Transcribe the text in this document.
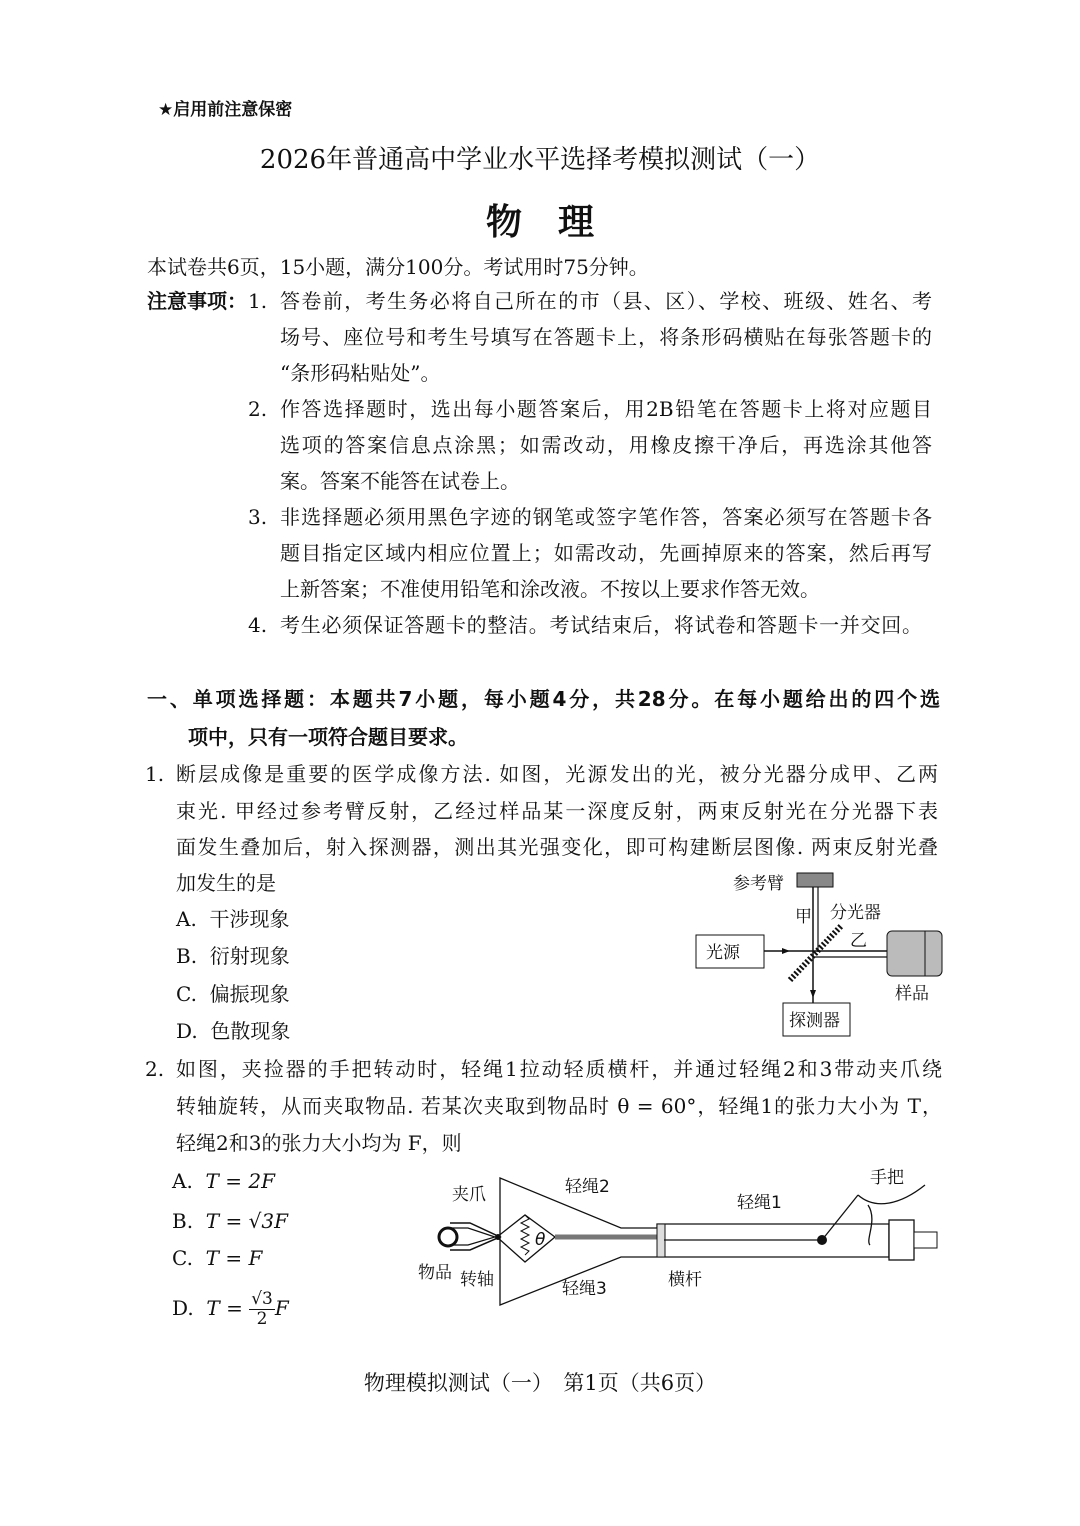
★启用前注意保密
2026年普通高中学业水平选择考模拟测试（一）
物　理
本试卷共6页，15小题，满分100分。考试用时75分钟。
注意事项： 1. 答卷前，考生务必将自己所在的市（县、区）、学校、班级、姓名、考
场号、座位号和考生号填写在答题卡上，将条形码横贴在每张答题卡的
“条形码粘贴处”。
2. 作答选择题时，选出每小题答案后，用2B铅笔在答题卡上将对应题目
选项的答案信息点涂黑；如需改动，用橡皮擦干净后，再选涂其他答
案。答案不能答在试卷上。
3. 非选择题必须用黑色字迹的钢笔或签字笔作答，答案必须写在答题卡各
题目指定区域内相应位置上；如需改动，先画掉原来的答案，然后再写
上新答案；不准使用铅笔和涂改液。不按以上要求作答无效。
4. 考生必须保证答题卡的整洁。考试结束后，将试卷和答题卡一并交回。
一、单项选择题：本题共7小题，每小题4分，共28分。在每小题给出的四个选
项中，只有一项符合题目要求。
1. 断层成像是重要的医学成像方法. 如图，光源发出的光，被分光器分成甲、乙两
束光. 甲经过参考臂反射，乙经过样品某一深度反射，两束反射光在分光器下表
面发生叠加后，射入探测器，测出其光强变化，即可构建断层图像. 两束反射光叠
加发生的是
A. 干涉现象
B. 衍射现象
C. 偏振现象
D. 色散现象
参考臂
甲 分光器
光源
乙
样品
探测器
2. 如图，夹捡器的手把转动时，轻绳1拉动轻质横杆，并通过轻绳2和3带动夹爪绕
转轴旋转，从而夹取物品. 若某次夹取到物品时 θ = 60°，轻绳1的张力大小为 T，
轻绳2和3的张力大小均为 F，则
A. T = 2F
B. T = √3F
C. T = F
D. $T = \frac{√3}{2}$ F
夹爪	轻绳2
轻绳1
手把
物品 转轴	轻绳3	横杆
θ
物理模拟测试（一）　第1页（共6页）
